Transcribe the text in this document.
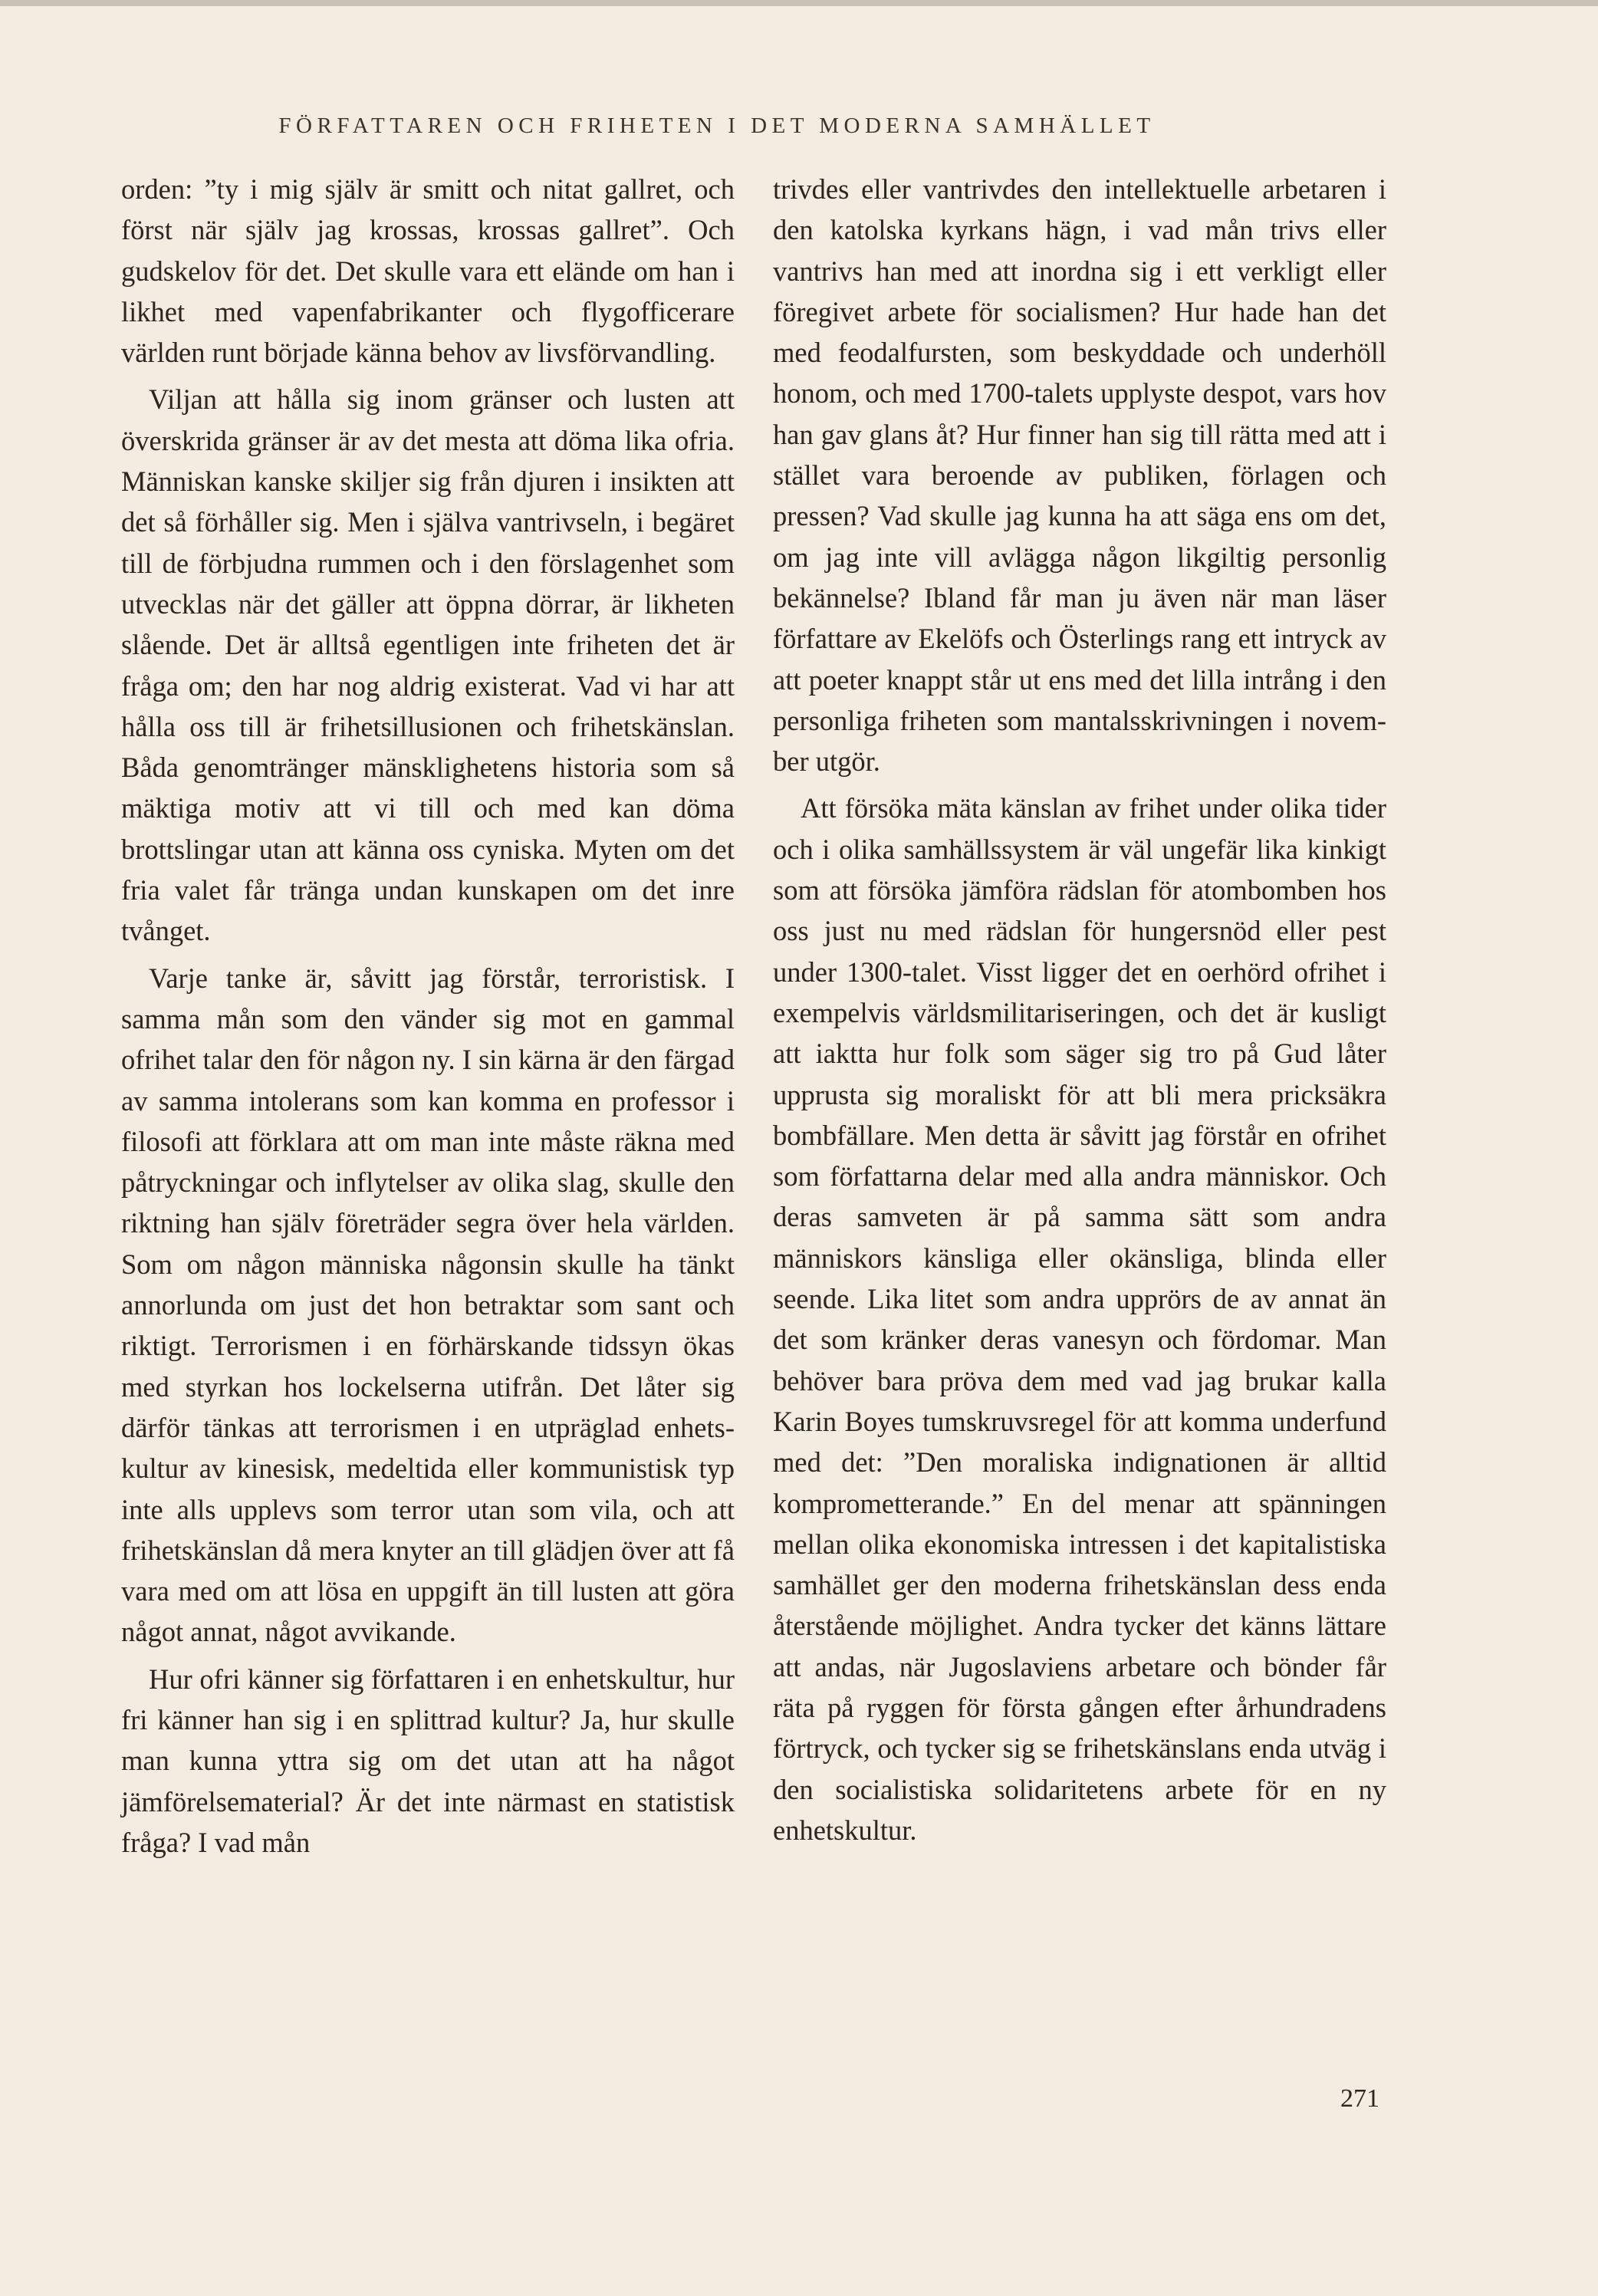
FÖRFATTAREN OCH FRIHETEN I DET MODERNA SAMHÄLLET

orden: ”ty i mig själv är smitt och nitat gallret, och först när själv jag krossas, krossas gallret”. Och gudskelov för det. Det skulle vara ett elände om han i likhet med vapenfabrikanter och flygofficerare världen runt började känna behov av livsförvandling.

Viljan att hålla sig inom gränser och lusten att överskrida gränser är av det mesta att döma lika ofria. Människan kanske skiljer sig från djuren i insikten att det så förhåller sig. Men i själva vantrivseln, i begäret till de förbjudna rummen och i den förslagenhet som utvecklas när det gäller att öppna dörrar, är likheten slående. Det är alltså egentligen inte friheten det är fråga om; den har nog aldrig existerat. Vad vi har att hålla oss till är frihetsillusionen och frihetskänslan. Båda genomtränger mänsklighetens historia som så mäktiga motiv att vi till och med kan döma brottslingar utan att känna oss cyniska. Myten om det fria valet får tränga undan kunskapen om det inre tvånget.

Varje tanke är, såvitt jag förstår, terroristisk. I samma mån som den vänder sig mot en gammal ofrihet talar den för någon ny. I sin kärna är den färgad av samma intolerans som kan komma en professor i filosofi att förklara att om man inte måste räkna med påtryckningar och inflytelser av olika slag, skulle den riktning han själv företräder segra över hela världen. Som om någon människa någonsin skulle ha tänkt annorlunda om just det hon betraktar som sant och riktigt. Terrorismen i en förhärskande tidssyn ökas med styrkan hos lockelserna utifrån. Det låter sig därför tänkas att terrorismen i en utpräglad enhetskultur av kinesisk, medeltida eller kommunistisk typ inte alls upplevs som terror utan som vila, och att frihetskänslan då mera knyter an till glädjen över att få vara med om att lösa en uppgift än till lusten att göra något annat, något avvikande.

Hur ofri känner sig författaren i en enhetskultur, hur fri känner han sig i en splittrad kultur? Ja, hur skulle man kunna yttra sig om det utan att ha något jämförelsematerial? Är det inte närmast en statistisk fråga? I vad mån

trivdes eller vantrivdes den intellektuelle arbetaren i den katolska kyrkans hägn, i vad mån trivs eller vantrivs han med att inordna sig i ett verkligt eller föregivet arbete för socialismen? Hur hade han det med feodalfursten, som beskyddade och underhöll honom, och med 1700-talets upplyste despot, vars hov han gav glans åt? Hur finner han sig till rätta med att i stället vara beroende av publiken, förlagen och pressen? Vad skulle jag kunna ha att säga ens om det, om jag inte vill avlägga någon likgiltig personlig bekännelse? Ibland får man ju även när man läser författare av Ekelöfs och Österlings rang ett intryck av att poeter knappt står ut ens med det lilla intrång i den personliga friheten som mantalsskrivningen i november utgör.

Att försöka mäta känslan av frihet under olika tider och i olika samhällssystem är väl ungefär lika kinkigt som att försöka jämföra rädslan för atombomben hos oss just nu med rädslan för hungersnöd eller pest under 1300-talet. Visst ligger det en oerhörd ofrihet i exempelvis världsmilitariseringen, och det är kusligt att iaktta hur folk som säger sig tro på Gud låter upprusta sig moraliskt för att bli mera pricksäkra bombfällare. Men detta är såvitt jag förstår en ofrihet som författarna delar med alla andra människor. Och deras samveten är på samma sätt som andra människors känsliga eller okänsliga, blinda eller seende. Lika litet som andra upprörs de av annat än det som kränker deras vanesyn och fördomar. Man behöver bara pröva dem med vad jag brukar kalla Karin Boyes tumskruvsregel för att komma underfund med det: ”Den moraliska indignationen är alltid komprometterande.” En del menar att spänningen mellan olika ekonomiska intressen i det kapitalistiska samhället ger den moderna frihetskänslan dess enda återstående möjlighet. Andra tycker det känns lättare att andas, när Jugoslaviens arbetare och bönder får räta på ryggen för första gången efter århundradens förtryck, och tycker sig se frihetskänslans enda utväg i den socialistiska solidaritetens arbete för en ny enhetskultur.

271
